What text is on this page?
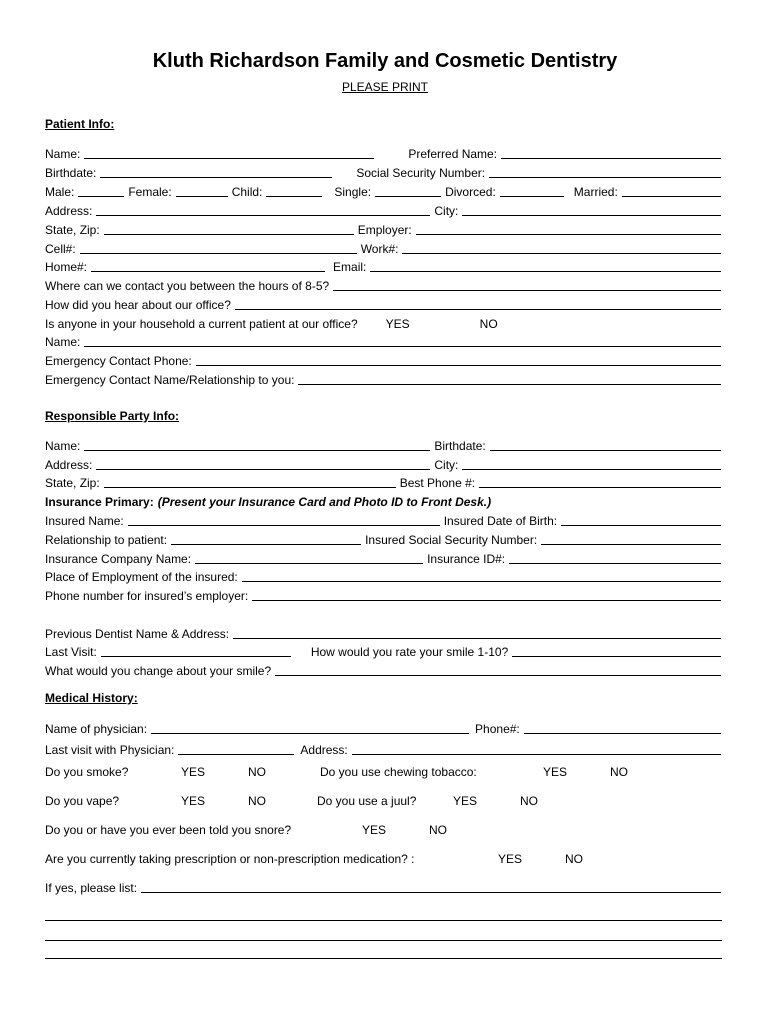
Kluth Richardson Family and Cosmetic Dentistry
PLEASE PRINT
Patient Info:
Name:	Preferred Name:
Birthdate:	Social Security Number:
Male:	Female:	Child:	Single:	Divorced:	Married:
Address:	City:
State, Zip:	Employer:
Cell#:	Work#:
Home#:	Email:
Where can we contact you between the hours of 8-5?
How did you hear about our office?
Is anyone in your household a current patient at our office? YES	NO
Name:
Emergency Contact Phone:
Emergency Contact Name/Relationship to you:
Responsible Party Info:
Name:	Birthdate:
Address:	City:
State, Zip:	Best Phone #:
Insurance Primary: (Present your Insurance Card and Photo ID to Front Desk.)
Insured Name:	Insured Date of Birth:
Relationship to patient:	Insured Social Security Number:
Insurance Company Name:	Insurance ID#:
Place of Employment of the insured:
Phone number for insured’s employer:
Previous Dentist Name & Address:
Last Visit:	How would you rate your smile 1-10?
What would you change about your smile?
Medical History:
Name of physician:	Phone#:
Last visit with Physician:	Address:
Do you smoke?	YES	NO	Do you use chewing tobacco:	YES	NO
Do you vape?	YES	NO	Do you use a juul?	YES	NO
Do you or have you ever been told you snore?	YES	NO
Are you currently taking prescription or non-prescription medication? :	YES	NO
If yes, please list:
